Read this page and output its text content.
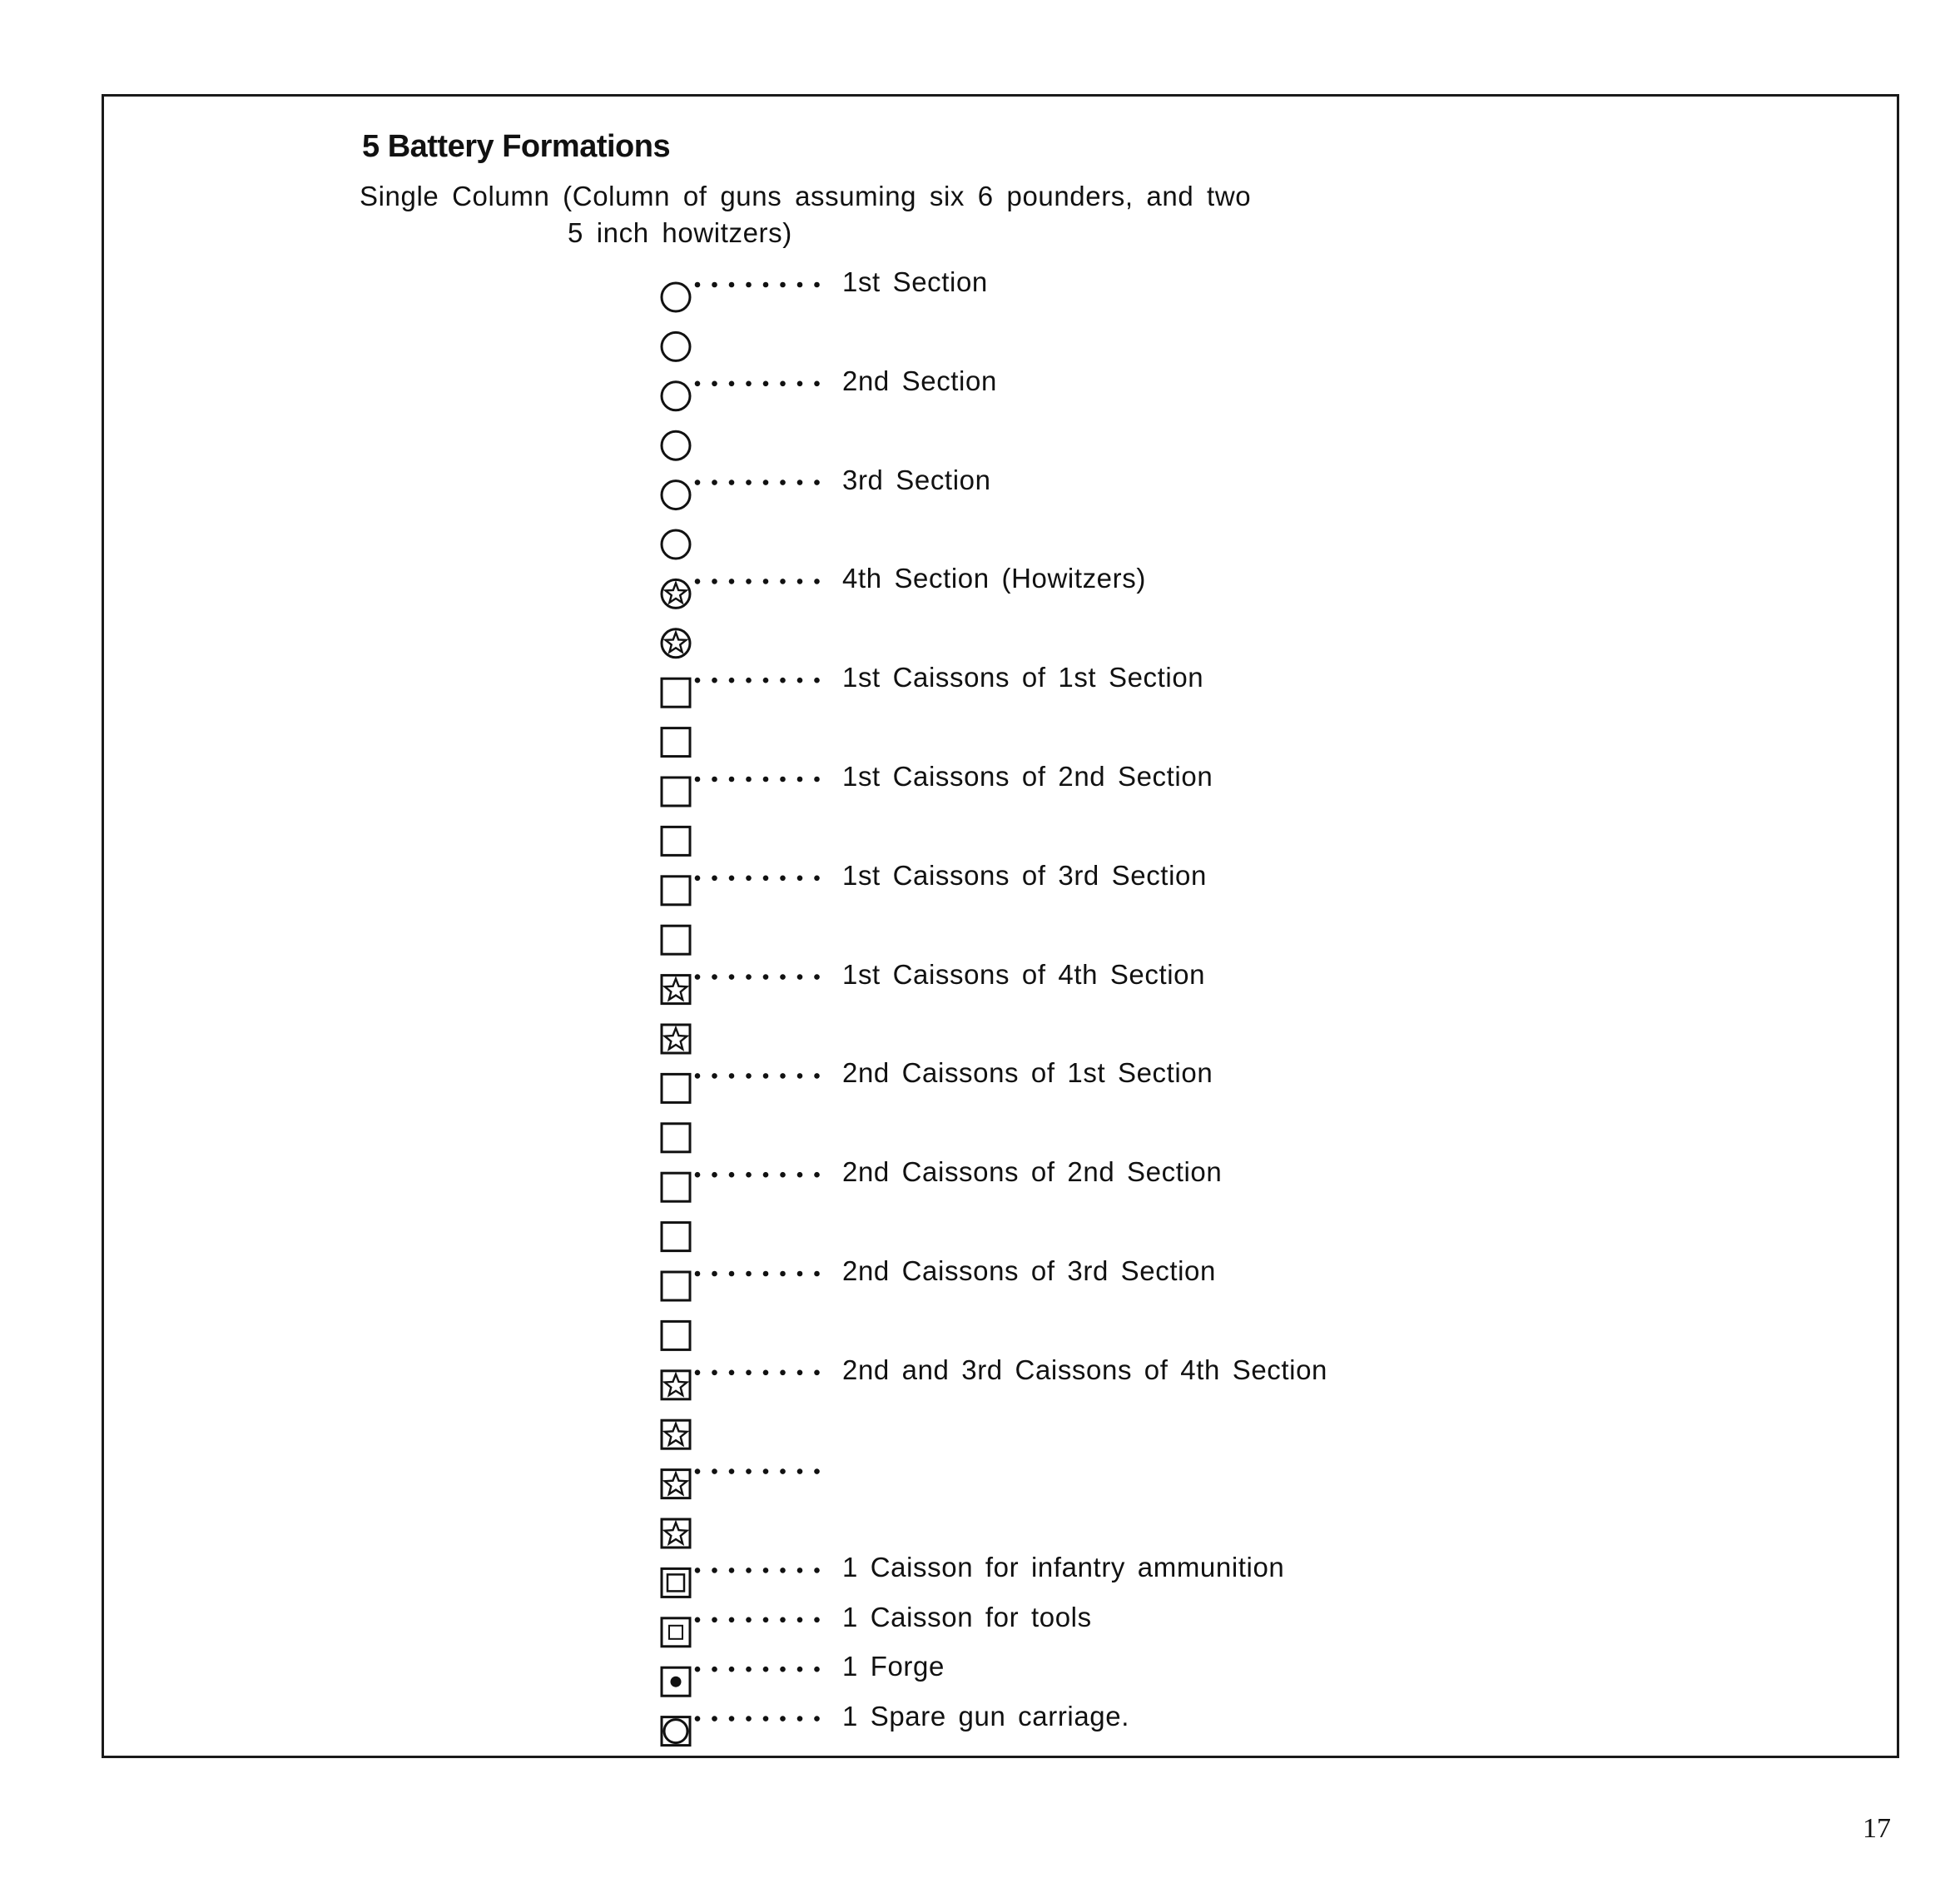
5 Battery Formations
Single Column (Column of guns assuming six 6 pounders, and two
5 inch howitzers)
1st Section
2nd Section
3rd Section
4th Section (Howitzers)
1st Caissons of 1st Section
1st Caissons of 2nd Section
1st Caissons of 3rd Section
1st Caissons of 4th Section
2nd Caissons of 1st Section
2nd Caissons of 2nd Section
2nd Caissons of 3rd Section
2nd and 3rd Caissons of 4th Section
1 Caisson for infantry ammunition
1 Caisson for tools
1 Forge
1 Spare gun carriage.
17
